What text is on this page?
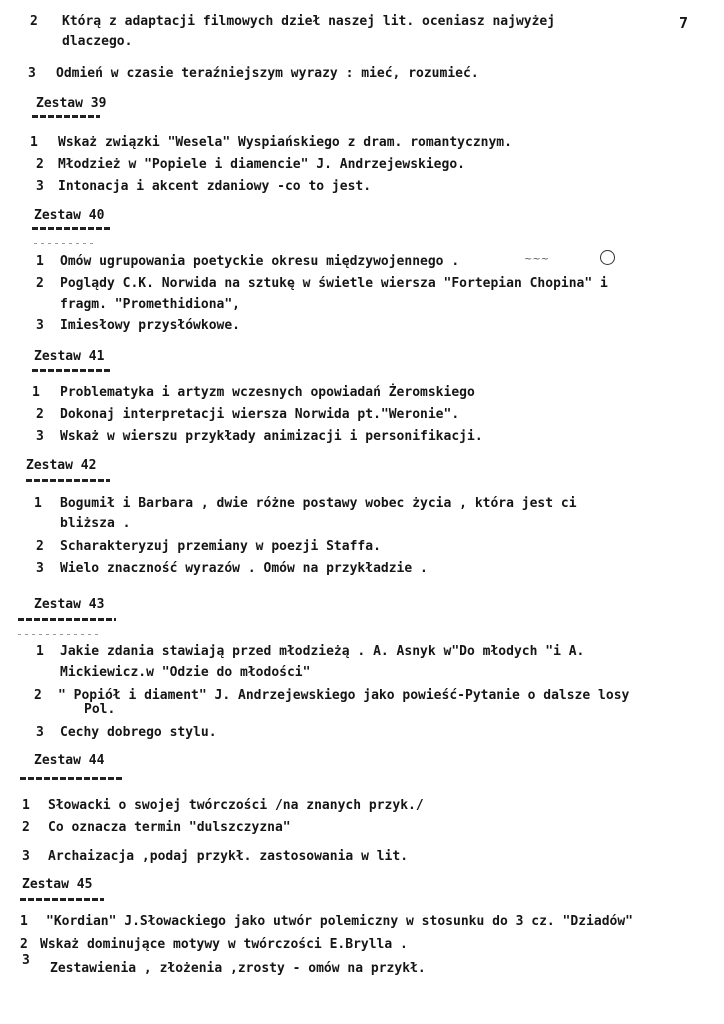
7
2 Którą z adaptacji filmowych dzieł naszej lit. oceniasz najwyżej
dlaczego.
3 Odmień w czasie teraźniejszym wyrazy : mieć, rozumieć.
Zestaw 39
1 Wskaż związki "Wesela" Wyspiańskiego z dram. romantycznym.
2 Młodzież w "Popiele i diamencie" J. Andrzejewskiego.
3 Intonacja i akcent zdaniowy -co to jest.
Zestaw 40
1 Omów ugrupowania poetyckie okresu międzywojennego .	~~~
2 Poglądy C.K. Norwida na sztukę w świetle wiersza "Fortepian Chopina" i
fragm. "Promethidiona",
3 Imiesłowy przysłówkowe.
Zestaw 41
1 Problematyka i artyzm wczesnych opowiadań Żeromskiego
2 Dokonaj interpretacji wiersza Norwida pt."Weronie".
3 Wskaż w wierszu przykłady animizacji i personifikacji.
Zestaw 42
1 Bogumił i Barbara , dwie różne postawy wobec życia , która jest ci
bliższa .
2 Scharakteryzuj przemiany w poezji Staffa.
3 Wielo znaczność wyrazów . Omów na przykładzie .
Zestaw 43
1 Jakie zdania stawiają przed młodzieżą . A. Asnyk w"Do młodych "i A.
Mickiewicz.w "Odzie do młodości"
2 " Popiół i diament" J. Andrzejewskiego jako powieść-Pytanie o dalsze losy
Pol.
3 Cechy dobrego stylu.
Zestaw 44
1 Słowacki o swojej twórczości /na znanych przyk./
2 Co oznacza termin "dulszczyzna"
3 Archaizacja ,podaj przykł. zastosowania w lit.
Zestaw 45
1 "Kordian" J.Słowackiego jako utwór polemiczny w stosunku do 3 cz. "Dziadów"
2 Wskaż dominujące motywy w twórczości E.Brylla .
3
Zestawienia , złożenia ,zrosty - omów na przykł.
